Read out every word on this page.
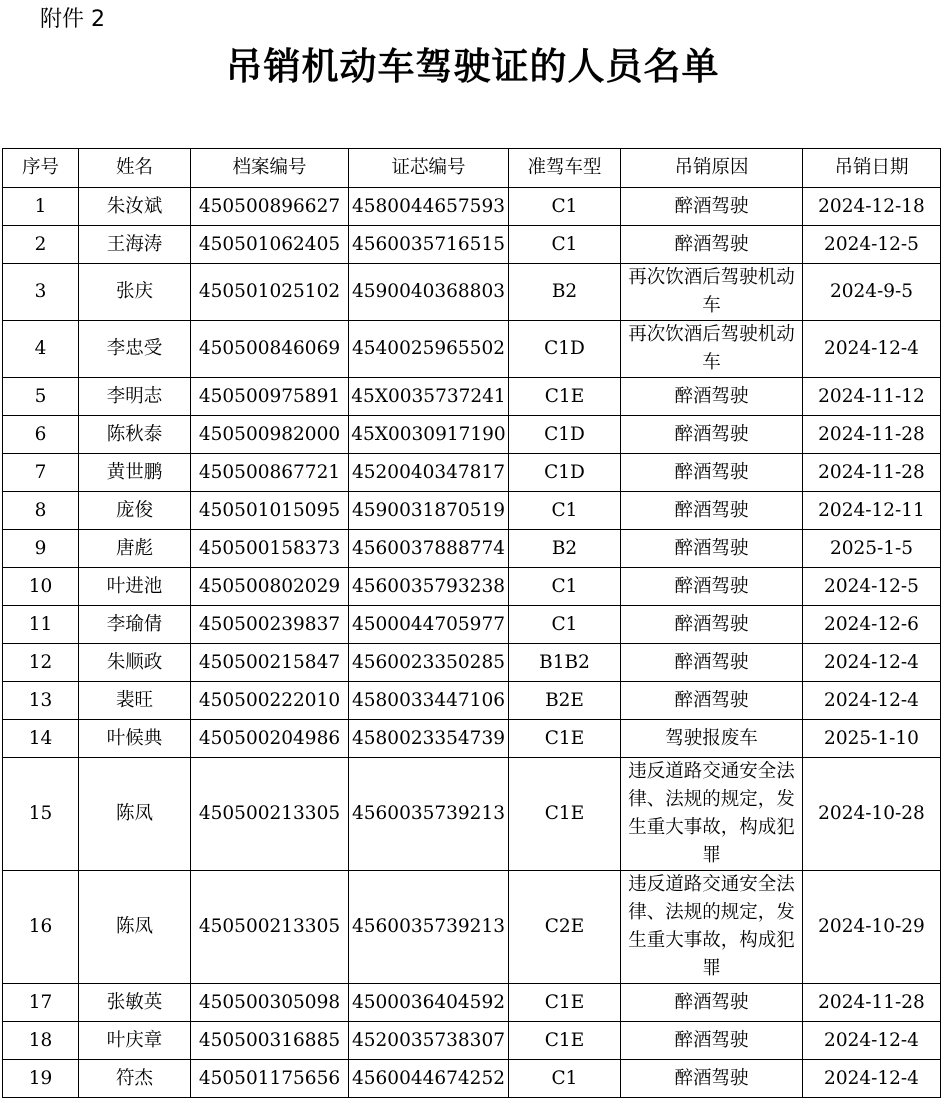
附件 2
吊销机动车驾驶证的人员名单
序号	姓名	档案编号	证芯编号	准驾车型	吊销原因	吊销日期
1	朱汝斌	450500896627	4580044657593	C1	醉酒驾驶	2024-12-18
2	王海涛	450501062405	4560035716515	C1	醉酒驾驶	2024-12-5
3	张庆	450501025102	4590040368803	B2	再次饮酒后驾驶机动车	2024-9-5
4	李忠受	450500846069	4540025965502	C1D	再次饮酒后驾驶机动车	2024-12-4
5	李明志	450500975891	45X0035737241	C1E	醉酒驾驶	2024-11-12
6	陈秋泰	450500982000	45X0030917190	C1D	醉酒驾驶	2024-11-28
7	黄世鹏	450500867721	4520040347817	C1D	醉酒驾驶	2024-11-28
8	庞俊	450501015095	4590031870519	C1	醉酒驾驶	2024-12-11
9	唐彪	450500158373	4560037888774	B2	醉酒驾驶	2025-1-5
10	叶进池	450500802029	4560035793238	C1	醉酒驾驶	2024-12-5
11	李瑜倩	450500239837	4500044705977	C1	醉酒驾驶	2024-12-6
12	朱顺政	450500215847	4560023350285	B1B2	醉酒驾驶	2024-12-4
13	裴旺	450500222010	4580033447106	B2E	醉酒驾驶	2024-12-4
14	叶候典	450500204986	4580023354739	C1E	驾驶报废车	2025-1-10
15	陈凤	450500213305	4560035739213	C1E	违反道路交通安全法律、法规的规定，发生重大事故，构成犯罪	2024-10-28
16	陈凤	450500213305	4560035739213	C2E	违反道路交通安全法律、法规的规定，发生重大事故，构成犯罪	2024-10-29
17	张敏英	450500305098	4500036404592	C1E	醉酒驾驶	2024-11-28
18	叶庆章	450500316885	4520035738307	C1E	醉酒驾驶	2024-12-4
19	符杰	450501175656	4560044674252	C1	醉酒驾驶	2024-12-4
